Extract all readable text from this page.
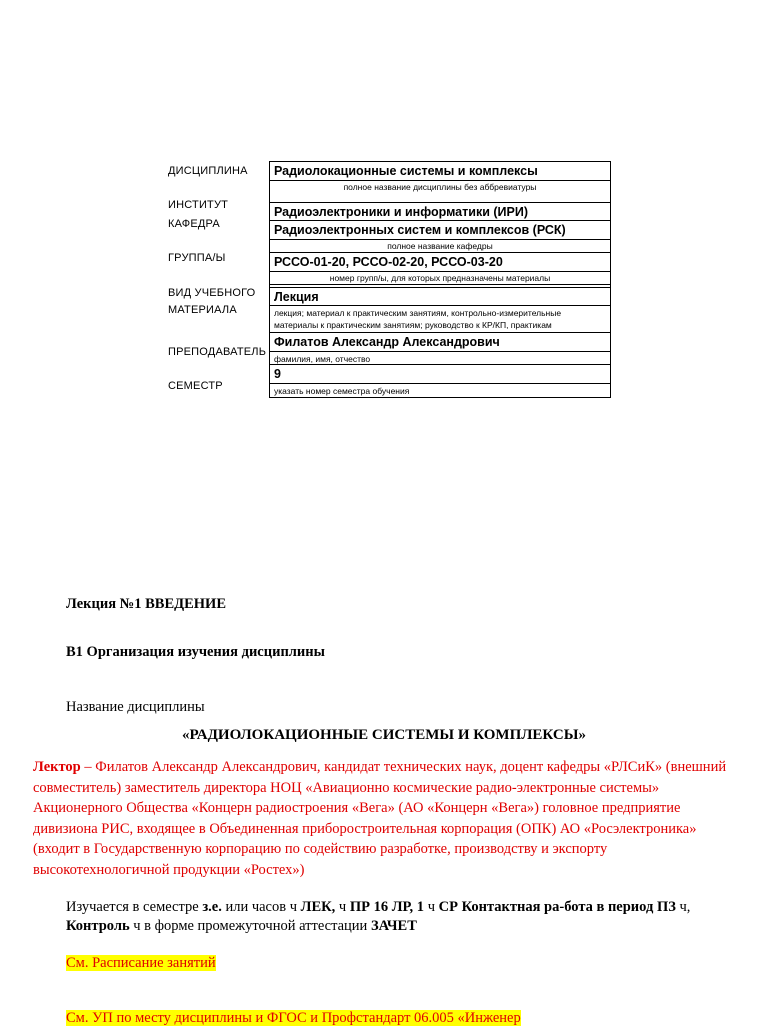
ДИСЦИПЛИНА
ИНСТИТУТ
КАФЕДРА
ГРУППА/Ы
ВИД УЧЕБНОГО
МАТЕРИАЛА
ПРЕПОДАВАТЕЛЬ
СЕМЕСТР
Радиолокационные системы и комплексы
полное название дисциплины без аббревиатуры
Радиоэлектроники и информатики (ИРИ)
Радиоэлектронных систем и комплексов (РСК)
полное название кафедры
РССО-01-20, РССО-02-20, РССО-03-20
номер групп/ы, для которых предназначены материалы
Лекция
лекция; материал к практическим занятиям, контрольно-измерительные материалы к практическим занятиям; руководство к КР/КП, практикам
Филатов Александр Александрович
фамилия, имя, отчество
9
указать номер семестра обучения
Лекция №1 ВВЕДЕНИЕ
В1 Организация изучения дисциплины
Название дисциплины
«РАДИОЛОКАЦИОННЫЕ СИСТЕМЫ И КОМПЛЕКСЫ»
Лектор – Филатов Александр Александрович, кандидат технических наук, доцент кафедры «РЛСиК» (внешний совместитель) заместитель директора НОЦ «Авиационно космические радио-электронные системы» Акционерного Общества «Концерн радиостроения «Вега» (АО «Концерн «Вега») головное предприятие дивизиона РИС, входящее в Объединенная приборостроительная корпорация (ОПК) АО «Росэлектроника» (входит в Государственную корпорацию по содействию разработке, производству и экспорту высокотехнологичной продукции «Ростех»)
Изучается в семестре з.е. или часов ч ЛЕК, ч ПР 16 ЛР, 1 ч СР Контактная ра-бота в период ПЗ ч, Контроль ч в форме промежуточной аттестации ЗАЧЕТ
См. Расписание занятий
См. УП по месту дисциплины и ФГОС и Профстандарт 06.005 «Инженер
